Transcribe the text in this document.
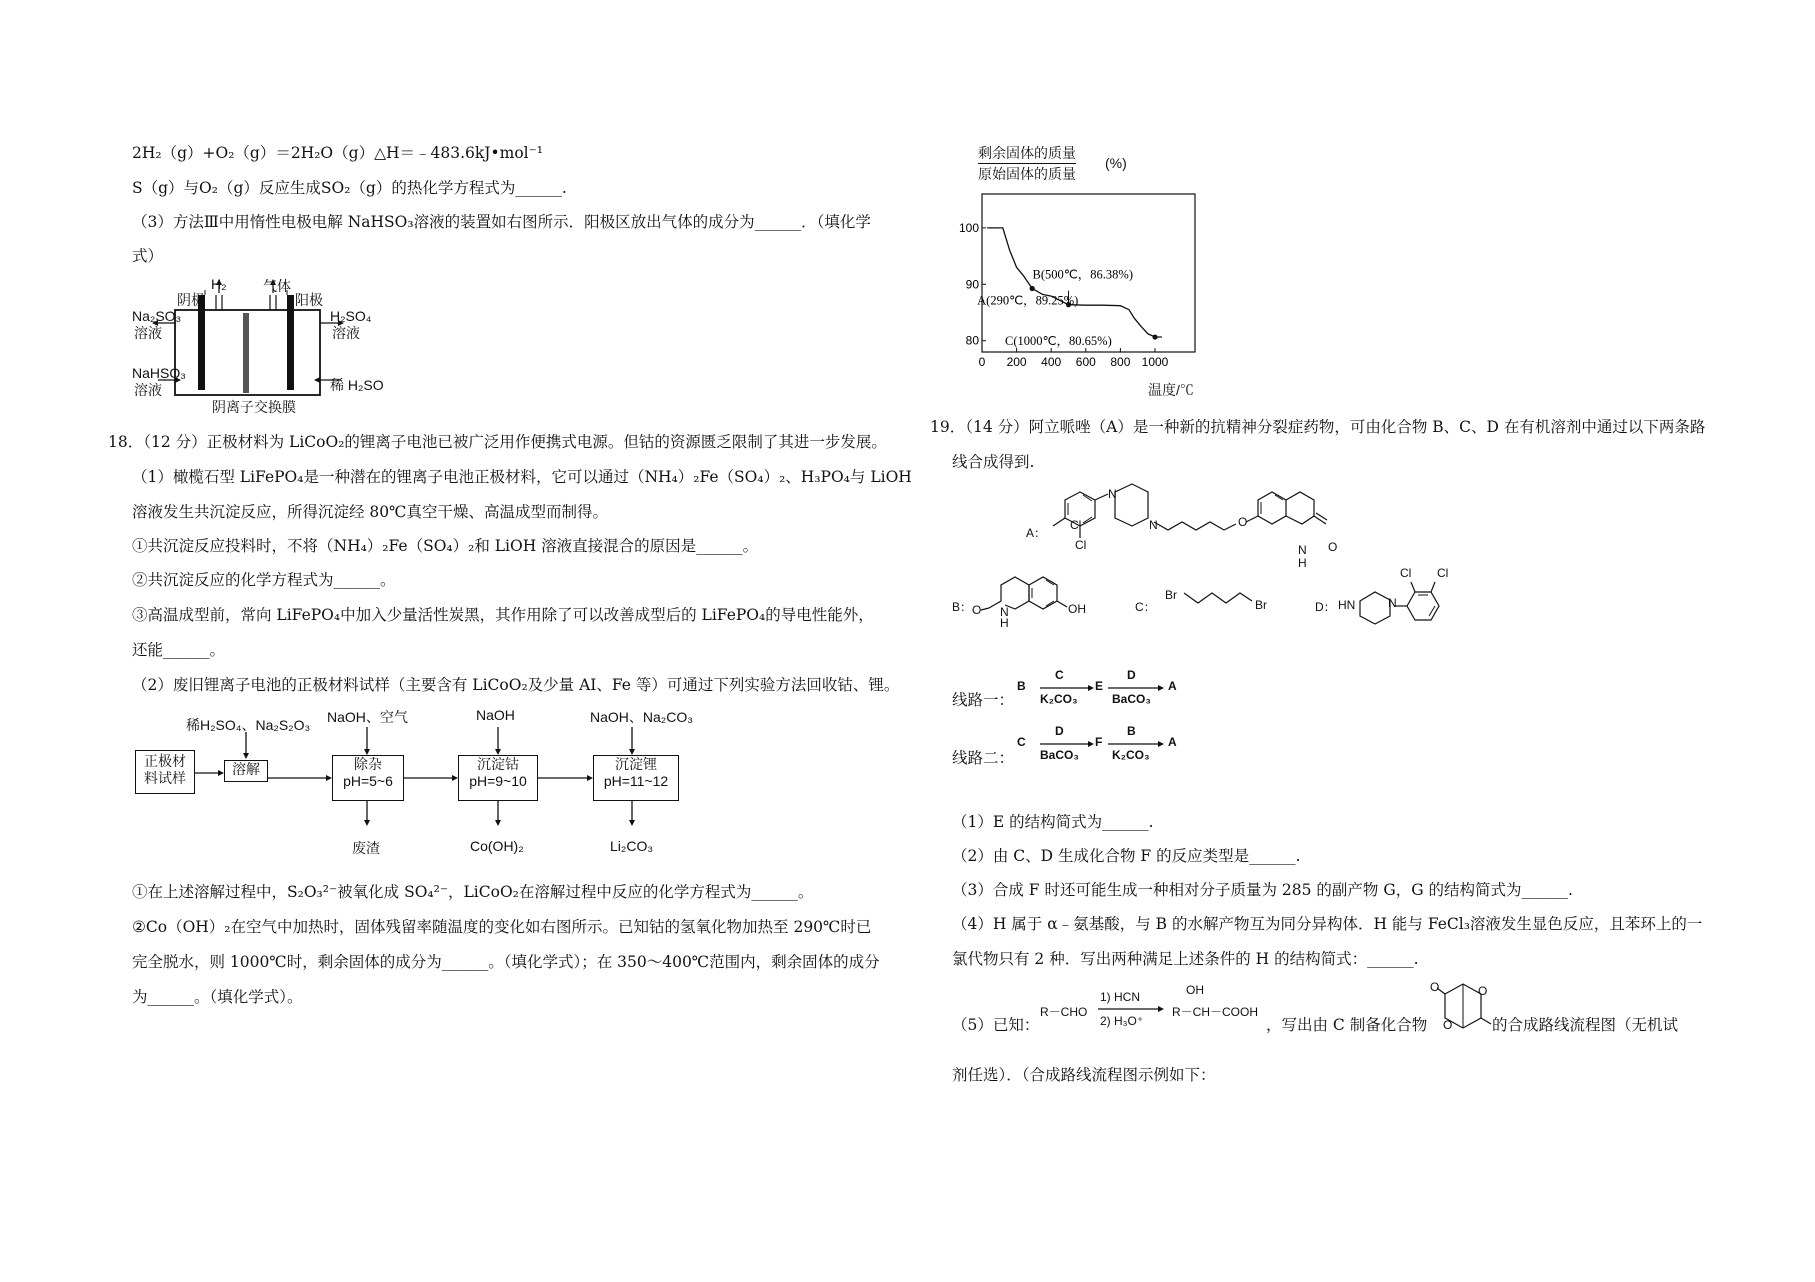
2H₂（g）+O₂（g）＝2H₂O（g）△H＝﹣483.6kJ•mol⁻¹
S（g）与O₂（g）反应生成SO₂（g）的热化学方程式为______.
（3）方法Ⅲ中用惰性电极电解 NaHSO₃溶液的装置如右图所示．阳极区放出气体的成分为______．（填化学
式）
H₂	气体
阴极	阳极
Na₂SO₃
溶液
H₂SO₄
溶液
NaHSO₃
溶液	稀 H₂SO
阴离子交换膜
18．（12 分）正极材料为 LiCoO₂的锂离子电池已被广泛用作便携式电源。但钴的资源匮乏限制了其进一步发展。
（1）橄榄石型 LiFePO₄是一种潜在的锂离子电池正极材料，它可以通过（NH₄）₂Fe（SO₄）₂、H₃PO₄与 LiOH
溶液发生共沉淀反应，所得沉淀经 80℃真空干燥、高温成型而制得。
①共沉淀反应投料时，不将（NH₄）₂Fe（SO₄）₂和 LiOH 溶液直接混合的原因是______。
②共沉淀反应的化学方程式为______。
③高温成型前，常向 LiFePO₄中加入少量活性炭黑，其作用除了可以改善成型后的 LiFePO₄的导电性能外，
还能______。
（2）废旧锂离子电池的正极材料试样（主要含有 LiCoO₂及少量 AI、Fe 等）可通过下列实验方法回收钴、锂。
正极材
料试样
溶解	除杂
pH=5~6
沉淀钴
pH=9~10
沉淀锂
pH=11~12
稀H₂SO₄、Na₂S₂O₃ NaOH、空气	NaOH	NaOH、Na₂CO₃
废渣	Co(OH)₂	Li₂CO₃
①在上述溶解过程中，S₂O₃²⁻被氧化成 SO₄²⁻，LiCoO₂在溶解过程中反应的化学方程式为______。
②Co（OH）₂在空气中加热时，固体残留率随温度的变化如右图所示。已知钴的氢氧化物加热至 290℃时已
完全脱水，则 1000℃时，剩余固体的成分为______。（填化学式）；在 350～400℃范围内，剩余固体的成分
为______。（填化学式）。
剩余固体的质量
原始固体的质量
(%)
温度/℃
0 200 400 600 800 1000
80
90
100
B(500℃，86.38%)
A(290℃，89.25%)
C(1000℃，80.65%)
19．（14 分）阿立哌唑（A）是一种新的抗精神分裂症药物，可由化合物 B、C、D 在有机溶剂中通过以下两条路
线合成得到.
A：
Cl
Cl
N
N	O
N
H
O
B： O N
H
OH	C：
Br
Br	D： HN	N
Cl Cl
线路一：
线路二：
B
C
K₂CO₃
E
D
BaCO₃
A
C
D
BaCO₃
F
B
K₂CO₃
A
（1）E 的结构简式为______.
（2）由 C、D 生成化合物 F 的反应类型是______.
（3）合成 F 时还可能生成一种相对分子质量为 285 的副产物 G，G 的结构简式为______.
（4）H 属于 α﹣氨基酸，与 B 的水解产物互为同分异构体．H 能与 FeCl₃溶液发生显色反应，且苯环上的一
氯代物只有 2 种．写出两种满足上述条件的 H 的结构简式：______.
（5）已知：
R－CHO
1) HCN
2) H₃O⁺
OH
R－CH－COOH
，写出由 C 制备化合物
O	O
O	的合成路线流程图（无机试
剂任选）．（合成路线流程图示例如下：
